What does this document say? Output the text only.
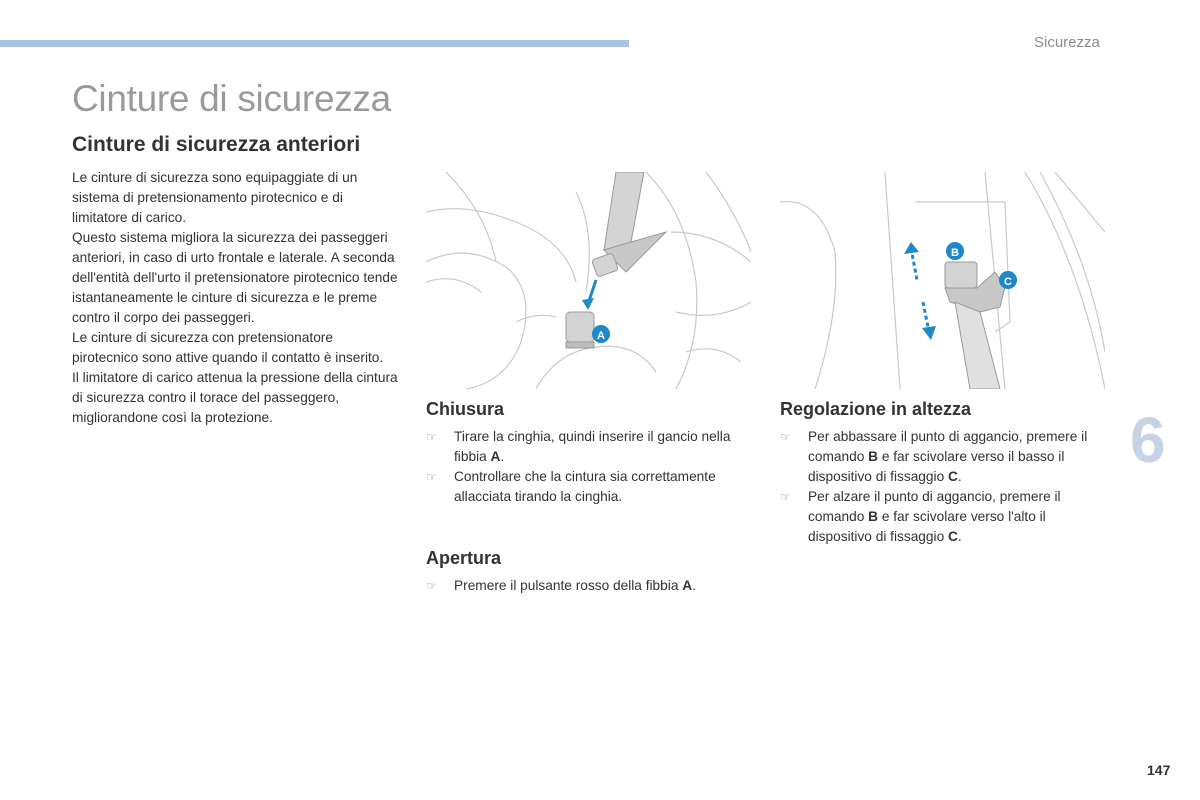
Sicurezza
Cinture di sicurezza
Cinture di sicurezza anteriori

Le cinture di sicurezza sono equipaggiate di un sistema di pretensionamento pirotecnico e di limitatore di carico.

Questo sistema migliora la sicurezza dei passeggeri anteriori, in caso di urto frontale e laterale. A seconda dell'entità dell'urto il pretensionatore pirotecnico tende istantaneamente le cinture di sicurezza e le preme contro il corpo dei passeggeri.

Le cinture di sicurezza con pretensionatore pirotecnico sono attive quando il contatto è inserito.

Il limitatore di carico attenua la pressione della cintura di sicurezza contro il torace del passeggero, migliorandone così la protezione.

A
B
C
Chiusura
☞ Tirare la cinghia, quindi inserire il gancio nella fibbia A.
☞ Controllare che la cintura sia correttamente allacciata tirando la cinghia.
Apertura
☞ Premere il pulsante rosso della fibbia A.
Regolazione in altezza
☞ Per abbassare il punto di aggancio, premere il comando B e far scivolare verso il basso il dispositivo di fissaggio C.
☞ Per alzare il punto di aggancio, premere il comando B e far scivolare verso l'alto il dispositivo di fissaggio C.
6
147
